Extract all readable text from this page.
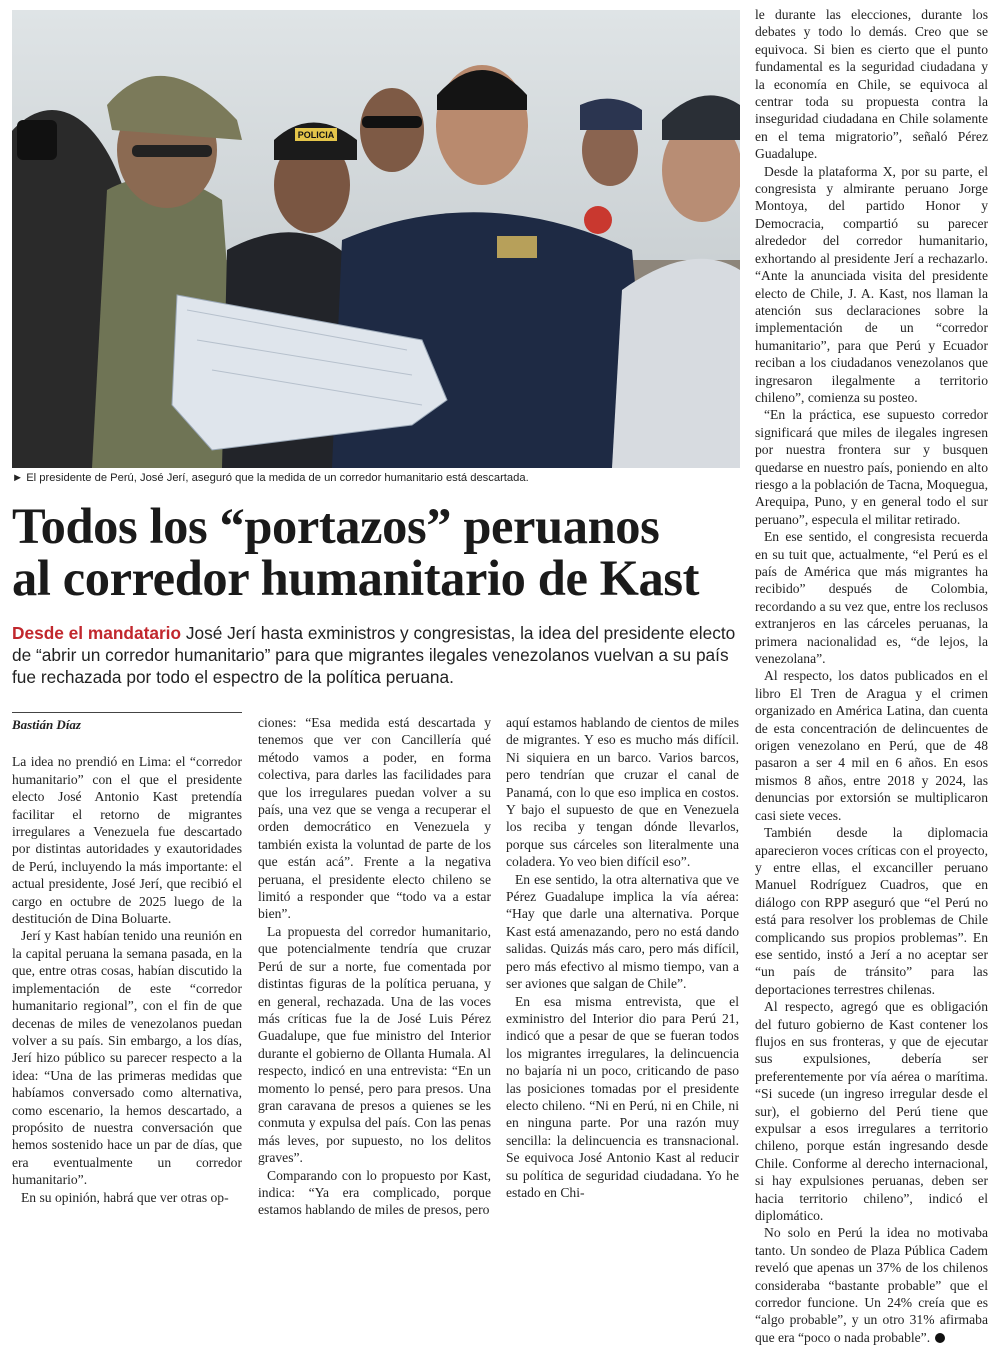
POLICIA
► El presidente de Perú, José Jerí, aseguró que la medida de un corredor humanitario está descartada.
Todos los “portazos” peruanos
al corredor humanitario de Kast

Desde el mandatario José Jerí hasta exministros y congresistas, la idea del presidente electo de “abrir un corredor humanitario” para que migrantes ilegales venezolanos vuelvan a su país fue rechazada por todo el espectro de la política peruana.

Bastián Díaz

La idea no prendió en Lima: el “corredor humanitario” con el que el presidente electo José Antonio Kast pretendía facilitar el retorno de migrantes irregulares a Venezuela fue descartado por distintas autoridades y exautoridades de Perú, incluyendo la más importante: el actual presidente, José Jerí, que recibió el cargo en octubre de 2025 luego de la destitución de Dina Boluarte.

Jerí y Kast habían tenido una reunión en la capital peruana la semana pasada, en la que, entre otras cosas, habían discutido la implementación de este “corredor humanitario regional”, con el fin de que decenas de miles de venezolanos puedan volver a su país. Sin embargo, a los días, Jerí hizo público su parecer respecto a la idea: “Una de las primeras medidas que habíamos conversado como alternativa, como escenario, la hemos descartado, a propósito de nuestra conversación que hemos sostenido hace un par de días, que era eventualmente un corredor humanitario”.

En su opinión, habrá que ver otras op-

ciones: “Esa medida está descartada y tenemos que ver con Cancillería qué método vamos a poder, en forma colectiva, para darles las facilidades para que los irregulares puedan volver a su país, una vez que se venga a recuperar el orden democrático en Venezuela y también exista la voluntad de parte de los que están acá”. Frente a la negativa peruana, el presidente electo chileno se limitó a responder que “todo va a estar bien”.

La propuesta del corredor humanitario, que potencialmente tendría que cruzar Perú de sur a norte, fue comentada por distintas figuras de la política peruana, y en general, rechazada. Una de las voces más críticas fue la de José Luis Pérez Guadalupe, que fue ministro del Interior durante el gobierno de Ollanta Humala. Al respecto, indicó en una entrevista: “En un momento lo pensé, pero para presos. Una gran caravana de presos a quienes se les conmuta y expulsa del país. Con las penas más leves, por supuesto, no los delitos graves”.

Comparando con lo propuesto por Kast, indica: “Ya era complicado, porque estamos hablando de miles de presos, pero

aquí estamos hablando de cientos de miles de migrantes. Y eso es mucho más difícil. Ni siquiera en un barco. Varios barcos, pero tendrían que cruzar el canal de Panamá, con lo que eso implica en costos. Y bajo el supuesto de que en Venezuela los reciba y tengan dónde llevarlos, porque sus cárceles son literalmente una coladera. Yo veo bien difícil eso”.

En ese sentido, la otra alternativa que ve Pérez Guadalupe implica la vía aérea: “Hay que darle una alternativa. Porque Kast está amenazando, pero no está dando salidas. Quizás más caro, pero más difícil, pero más efectivo al mismo tiempo, van a ser aviones que salgan de Chile”.

En esa misma entrevista, que el exministro del Interior dio para Perú 21, indicó que a pesar de que se fueran todos los migrantes irregulares, la delincuencia no bajaría ni un poco, criticando de paso las posiciones tomadas por el presidente electo chileno. “Ni en Perú, ni en Chile, ni en ninguna parte. Por una razón muy sencilla: la delincuencia es transnacional. Se equivoca José Antonio Kast al reducir su política de seguridad ciudadana. Yo he estado en Chi-

le durante las elecciones, durante los debates y todo lo demás. Creo que se equivoca. Si bien es cierto que el punto fundamental es la seguridad ciudadana y la economía en Chile, se equivoca al centrar toda su propuesta contra la inseguridad ciudadana en Chile solamente en el tema migratorio”, señaló Pérez Guadalupe.

Desde la plataforma X, por su parte, el congresista y almirante peruano Jorge Montoya, del partido Honor y Democracia, compartió su parecer alrededor del corredor humanitario, exhortando al presidente Jerí a rechazarlo. “Ante la anunciada visita del presidente electo de Chile, J. A. Kast, nos llaman la atención sus declaraciones sobre la implementación de un “corredor humanitario”, para que Perú y Ecuador reciban a los ciudadanos venezolanos que ingresaron ilegalmente a territorio chileno”, comienza su posteo.

“En la práctica, ese supuesto corredor significará que miles de ilegales ingresen por nuestra frontera sur y busquen quedarse en nuestro país, poniendo en alto riesgo a la población de Tacna, Moquegua, Arequipa, Puno, y en general todo el sur peruano”, especula el militar retirado.

En ese sentido, el congresista recuerda en su tuit que, actualmente, “el Perú es el país de América que más migrantes ha recibido” después de Colombia, recordando a su vez que, entre los reclusos extranjeros en las cárceles peruanas, la primera nacionalidad es, “de lejos, la venezolana”.

Al respecto, los datos publicados en el libro El Tren de Aragua y el crimen organizado en América Latina, dan cuenta de esta concentración de delincuentes de origen venezolano en Perú, que de 48 pasaron a ser 4 mil en 6 años. En esos mismos 8 años, entre 2018 y 2024, las denuncias por extorsión se multiplicaron casi siete veces.

También desde la diplomacia aparecieron voces críticas con el proyecto, y entre ellas, el excanciller peruano Manuel Rodríguez Cuadros, que en diálogo con RPP aseguró que “el Perú no está para resolver los problemas de Chile complicando sus propios problemas”. En ese sentido, instó a Jerí a no aceptar ser “un país de tránsito” para las deportaciones terrestres chilenas.

Al respecto, agregó que es obligación del futuro gobierno de Kast contener los flujos en sus fronteras, y que de ejecutar sus expulsiones, debería ser preferentemente por vía aérea o marítima. “Si sucede (un ingreso irregular desde el sur), el gobierno del Perú tiene que expulsar a esos irregulares a territorio chileno, porque están ingresando desde Chile. Conforme al derecho internacional, si hay expulsiones peruanas, deben ser hacia territorio chileno”, indicó el diplomático.

No solo en Perú la idea no motivaba tanto. Un sondeo de Plaza Pública Cadem reveló que apenas un 37% de los chilenos consideraba “bastante probable” que el corredor funcione. Un 24% creía que es “algo probable”, y un otro 31% afirmaba que era “poco o nada probable”.
